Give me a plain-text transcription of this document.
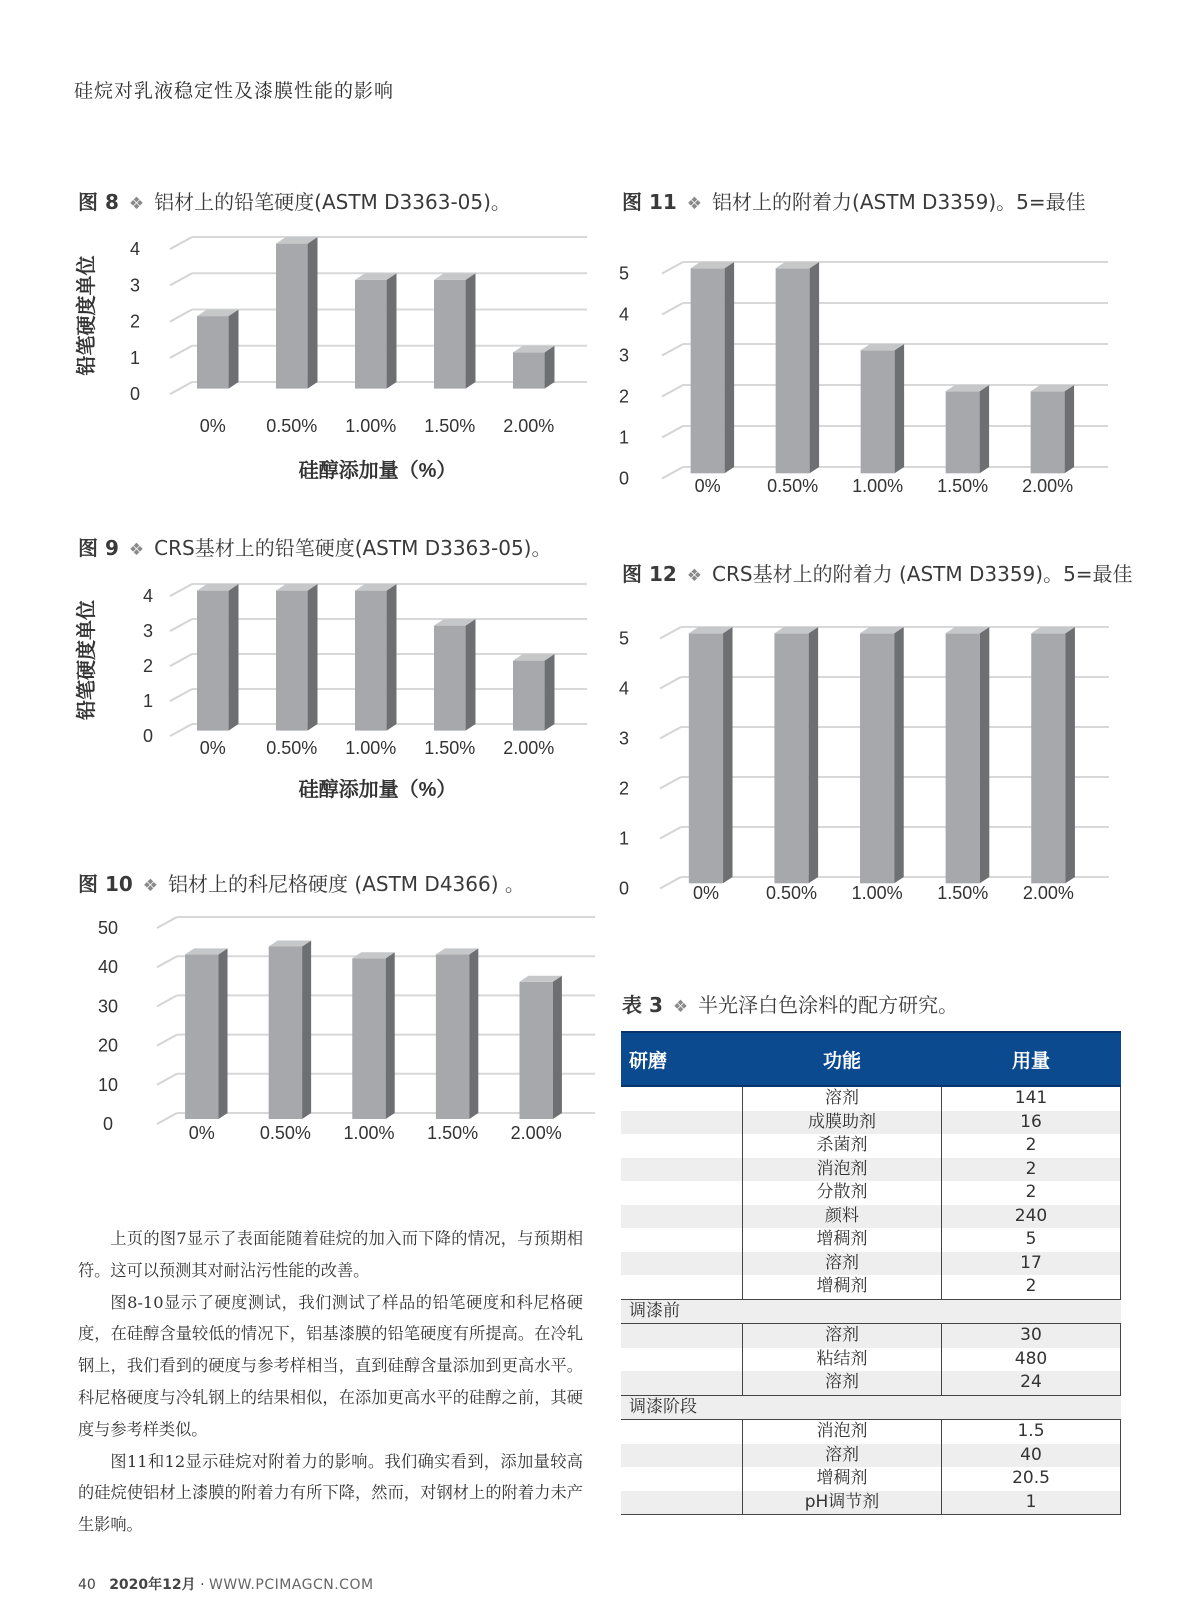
硅烷对乳液稳定性及漆膜性能的影响
图 8 ❖ 铝材上的铅笔硬度(ASTM D3363-05)。
图 9 ❖ CRS基材上的铅笔硬度(ASTM D3363-05)。
图 10 ❖ 铝材上的科尼格硬度 (ASTM D4366) 。
图 11 ❖ 铝材上的附着力(ASTM D3359)。5=最佳
图 12 ❖ CRS基材上的附着力 (ASTM D3359)。5=最佳
0
1
2
3
4
0% 0.50% 1.00% 1.50% 2.00%
硅醇添加量（%）
铅笔硬度单位
0
1
2
3
4
0% 0.50% 1.00% 1.50% 2.00%
硅醇添加量（%）
铅笔硬度单位
0
10
20
30
40
50
0%	0.50% 1.00% 1.50% 2.00%
0
1
2
3
4
5
0%	0.50% 1.00% 1.50% 2.00%
0
1
2
3
4
5
0%	0.50% 1.00% 1.50% 2.00%
表 3 ❖ 半光泽白色涂料的配方研究。
研磨	功能	用量
	溶剂	141
	成膜助剂	16
	杀菌剂	2
	消泡剂	2
	分散剂	2
	颜料	240
	增稠剂	5
	溶剂	17
	增稠剂	2
调漆前		
	溶剂	30
	粘结剂	480
	溶剂	24
调漆阶段		
	消泡剂	1.5
	溶剂	40
	增稠剂	20.5
	pH调节剂	1

上页的图7显示了表面能随着硅烷的加入而下降的情况，与预期相符。这可以预测其对耐沾污性能的改善。

图8-10显示了硬度测试，我们测试了样品的铅笔硬度和科尼格硬度，在硅醇含量较低的情况下，铝基漆膜的铅笔硬度有所提高。在冷轧钢上，我们看到的硬度与参考样相当，直到硅醇含量添加到更高水平。科尼格硬度与冷轧钢上的结果相似，在添加更高水平的硅醇之前，其硬度与参考样类似。

图11和12显示硅烷对附着力的影响。我们确实看到，添加量较高的硅烷使铝材上漆膜的附着力有所下降，然而，对钢材上的附着力未产生影响。

40 2020年12月 · WWW.PCIMAGCN.COM
